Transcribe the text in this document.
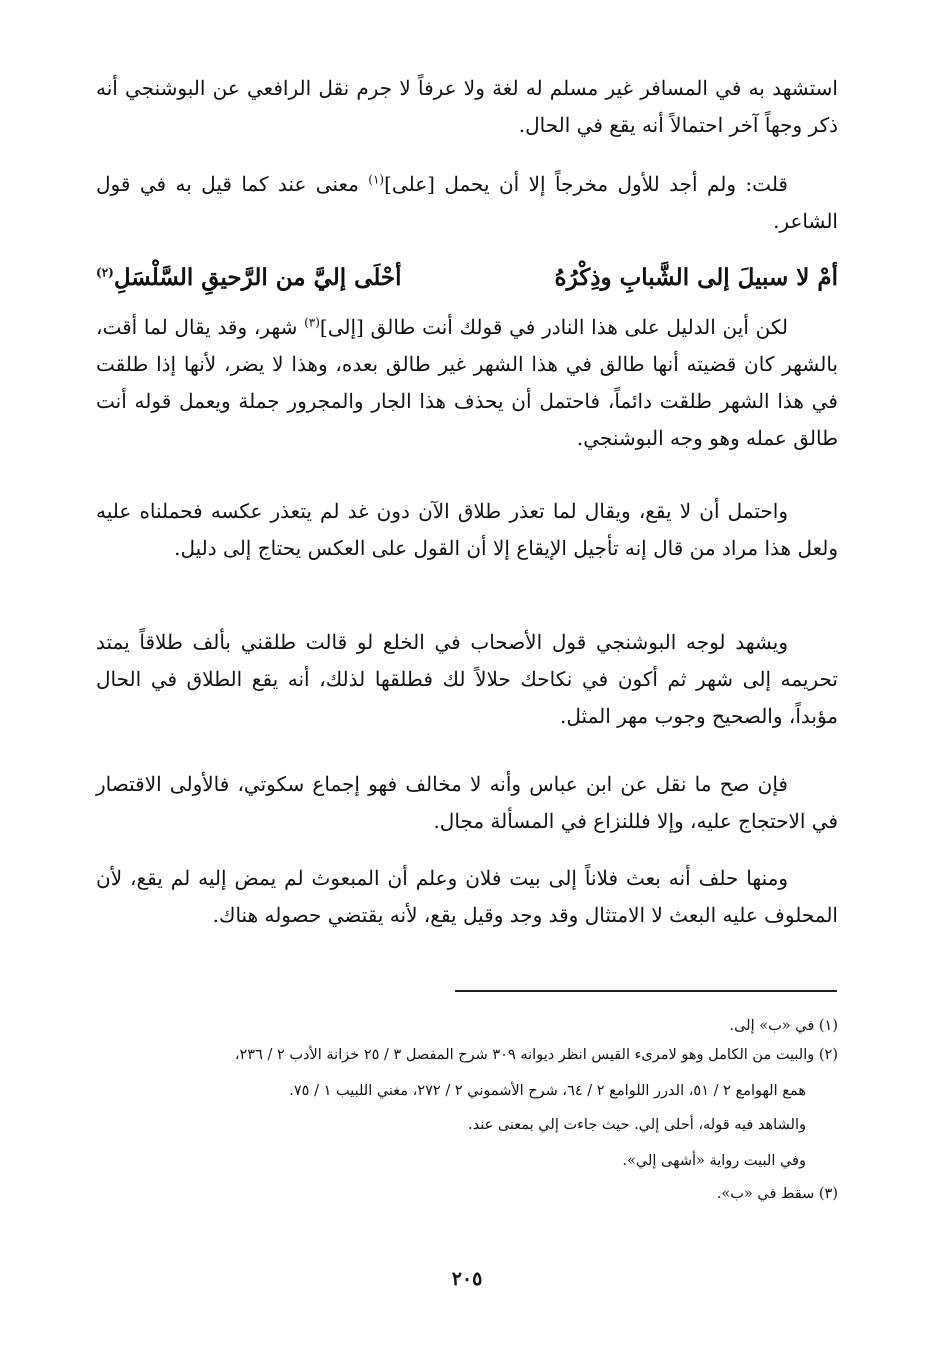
استشهد به في المسافر غير مسلم له لغة ولا عرفاً لا جرم نقل الرافعي عن البوشنجي أنه ذكر وجهاً آخر احتمالاً أنه يقع في الحال.

قلت: ولم أجد للأول مخرجاً إلا أن يحمل [على]$^{(١)}$ معنى عند كما قيل به في قول الشاعر.

أمْ لا سبيلَ إلى الشَّبابِ وذِكْرُهُ
أحْلَى إليَّ من الرَّحيقِ السَّلْسَلِ$^{(٢)}$

لكن أين الدليل على هذا النادر في قولك أنت طالق [إلى]$^{(٣)}$ شهر، وقد يقال لما أقت، بالشهر كان قضيته أنها طالق في هذا الشهر غير طالق بعده، وهذا لا يضر، لأنها إذا طلقت في هذا الشهر طلقت دائماً، فاحتمل أن يحذف هذا الجار والمجرور جملة ويعمل قوله أنت طالق عمله وهو وجه البوشنجي.

واحتمل أن لا يقع، ويقال لما تعذر طلاق الآن دون غد لم يتعذر عكسه فحملناه عليه ولعل هذا مراد من قال إنه تأجيل الإيقاع إلا أن القول على العكس يحتاج إلى دليل.

ويشهد لوجه البوشنجي قول الأصحاب في الخلع لو قالت طلقني بألف طلاقاً يمتد تحريمه إلى شهر ثم أكون في نكاحك حلالاً لك فطلقها لذلك، أنه يقع الطلاق في الحال مؤبداً، والصحيح وجوب مهر المثل.

فإن صح ما نقل عن ابن عباس وأنه لا مخالف فهو إجماع سكوتي، فالأولى الاقتصار في الاحتجاج عليه، وإلا فللنزاع في المسألة مجال.

ومنها حلف أنه بعث فلاناً إلى بيت فلان وعلم أن المبعوث لم يمض إليه لم يقع، لأن المحلوف عليه البعث لا الامتثال وقد وجد وقيل يقع، لأنه يقتضي حصوله هناك.

(١) في «ب» إلى.
(٢) والبيت من الكامل وهو لامرىء القيس انظر ديوانه ٣٠٩ شرح المفصل ٣ / ٢٥ خزانة الأدب ٢ / ٢٣٦،
همع الهوامع ٢ / ٥١، الدرر اللوامع ٢ / ٦٤، شرح الأشموني ٢ / ٢٧٢، مغني اللبيب ١ / ٧٥.
والشاهد فيه قوله، أحلى إلي. حيث جاءت إلي بمعنى عند.
وفي البيت رواية «أشهى إلي».
(٣) سقط في «ب».
٢٠٥
